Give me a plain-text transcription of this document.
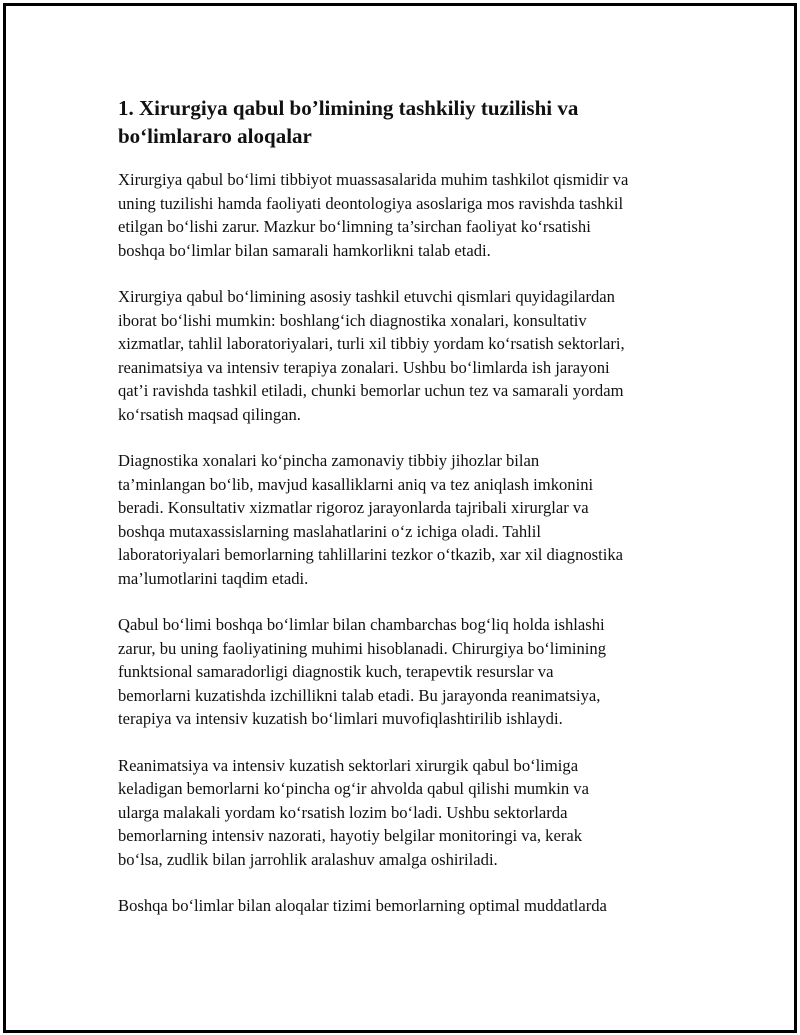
1. Xirurgiya qabul bo’limining tashkiliy tuzilishi va
bo‘limlararo aloqalar

Xirurgiya qabul bo‘limi tibbiyot muassasalarida muhim tashkilot qismidir va
uning tuzilishi hamda faoliyati deontologiya asoslariga mos ravishda tashkil
etilgan bo‘lishi zarur. Mazkur bo‘limning ta’sirchan faoliyat ko‘rsatishi
boshqa bo‘limlar bilan samarali hamkorlikni talab etadi.

Xirurgiya qabul bo‘limining asosiy tashkil etuvchi qismlari quyidagilardan
iborat bo‘lishi mumkin: boshlang‘ich diagnostika xonalari, konsultativ
xizmatlar, tahlil laboratoriyalari, turli xil tibbiy yordam ko‘rsatish sektorlari,
reanimatsiya va intensiv terapiya zonalari. Ushbu bo‘limlarda ish jarayoni
qat’i ravishda tashkil etiladi, chunki bemorlar uchun tez va samarali yordam
ko‘rsatish maqsad qilingan.

Diagnostika xonalari ko‘pincha zamonaviy tibbiy jihozlar bilan
ta’minlangan bo‘lib, mavjud kasalliklarni aniq va tez aniqlash imkonini
beradi. Konsultativ xizmatlar rigoroz jarayonlarda tajribali xirurglar va
boshqa mutaxassislarning maslahatlarini o‘z ichiga oladi. Tahlil
laboratoriyalari bemorlarning tahlillarini tezkor o‘tkazib, xar xil diagnostika
ma’lumotlarini taqdim etadi.

Qabul bo‘limi boshqa bo‘limlar bilan chambarchas bog‘liq holda ishlashi
zarur, bu uning faoliyatining muhimi hisoblanadi. Chirurgiya bo‘limining
funktsional samaradorligi diagnostik kuch, terapevtik resurslar va
bemorlarni kuzatishda izchillikni talab etadi. Bu jarayonda reanimatsiya,
terapiya va intensiv kuzatish bo‘limlari muvofiqlashtirilib ishlaydi.

Reanimatsiya va intensiv kuzatish sektorlari xirurgik qabul bo‘limiga
keladigan bemorlarni ko‘pincha og‘ir ahvolda qabul qilishi mumkin va
ularga malakali yordam ko‘rsatish lozim bo‘ladi. Ushbu sektorlarda
bemorlarning intensiv nazorati, hayotiy belgilar monitoringi va, kerak
bo‘lsa, zudlik bilan jarrohlik aralashuv amalga oshiriladi.

Boshqa bo‘limlar bilan aloqalar tizimi bemorlarning optimal muddatlarda
